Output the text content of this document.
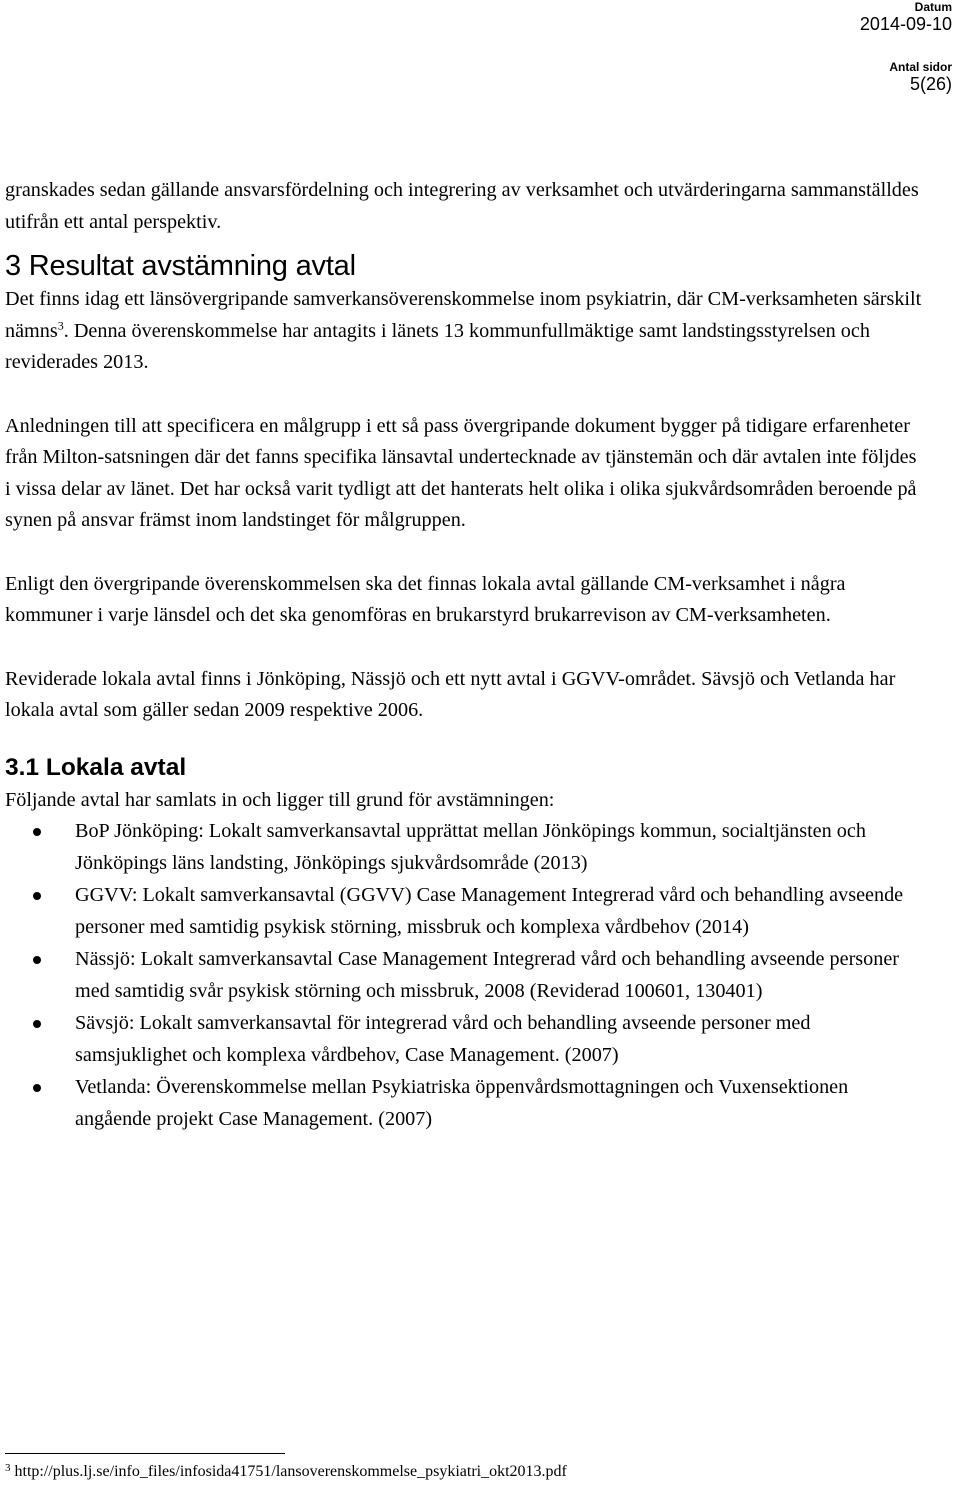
Datum
2014-09-10
Antal sidor
5(26)

granskades sedan gällande ansvarsfördelning och integrering av verksamhet och utvärderingarna sammanställdes utifrån ett antal perspektiv.

3 Resultat avstämning avtal

Det finns idag ett länsövergripande samverkansöverenskommelse inom psykiatrin, där CM-verksamheten särskilt nämns$^3$. Denna överenskommelse har antagits i länets 13 kommunfullmäktige samt landstingsstyrelsen och reviderades 2013.

Anledningen till att specificera en målgrupp i ett så pass övergripande dokument bygger på tidigare erfarenheter från Milton-satsningen där det fanns specifika länsavtal undertecknade av tjänstemän och där avtalen inte följdes i vissa delar av länet. Det har också varit tydligt att det hanterats helt olika i olika sjukvårdsområden beroende på synen på ansvar främst inom landstinget för målgruppen.

Enligt den övergripande överenskommelsen ska det finnas lokala avtal gällande CM-verksamhet i några kommuner i varje länsdel och det ska genomföras en brukarstyrd brukarrevison av CM-verksamheten.

Reviderade lokala avtal finns i Jönköping, Nässjö och ett nytt avtal i GGVV-området. Sävsjö och Vetlanda har lokala avtal som gäller sedan 2009 respektive 2006.

3.1 Lokala avtal

Följande avtal har samlats in och ligger till grund för avstämningen:

BoP Jönköping: Lokalt samverkansavtal upprättat mellan Jönköpings kommun, socialtjänsten och Jönköpings läns landsting, Jönköpings sjukvårdsområde (2013)
GGVV: Lokalt samverkansavtal (GGVV) Case Management Integrerad vård och behandling avseende personer med samtidig psykisk störning, missbruk och komplexa vårdbehov (2014)
Nässjö: Lokalt samverkansavtal Case Management Integrerad vård och behandling avseende personer med samtidig svår psykisk störning och missbruk, 2008 (Reviderad 100601, 130401)
Sävsjö: Lokalt samverkansavtal för integrerad vård och behandling avseende personer med samsjuklighet och komplexa vårdbehov, Case Management. (2007)
Vetlanda: Överenskommelse mellan Psykiatriska öppenvårdsmottagningen och Vuxensektionen angående projekt Case Management. (2007)
$^3$ http://plus.lj.se/info_files/infosida41751/lansoverenskommelse_psykiatri_okt2013.pdf
